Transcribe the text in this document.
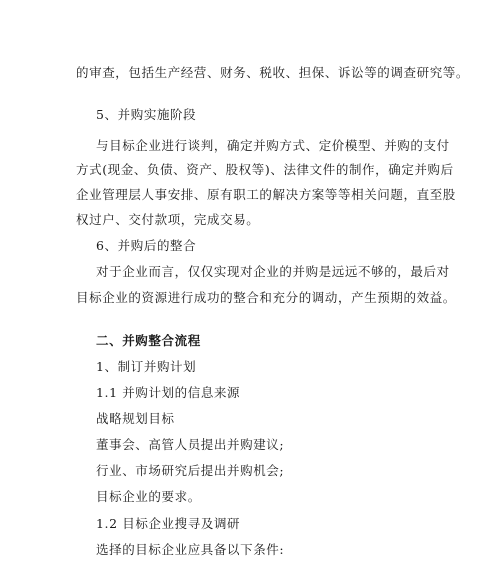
的审查，包括生产经营、财务、税收、担保、诉讼等的调查研究等。
5、并购实施阶段
与目标企业进行谈判，确定并购方式、定价模型、并购的支付
方式(现金、负债、资产、股权等)、法律文件的制作，确定并购后
企业管理层人事安排、原有职工的解决方案等等相关问题，直至股
权过户、交付款项，完成交易。
6、并购后的整合
对于企业而言，仅仅实现对企业的并购是远远不够的，最后对
目标企业的资源进行成功的整合和充分的调动，产生预期的效益。
二、并购整合流程
1、制订并购计划
1.1 并购计划的信息来源
战略规划目标
董事会、高管人员提出并购建议;
行业、市场研究后提出并购机会;
目标企业的要求。
1.2 目标企业搜寻及调研
选择的目标企业应具备以下条件:
